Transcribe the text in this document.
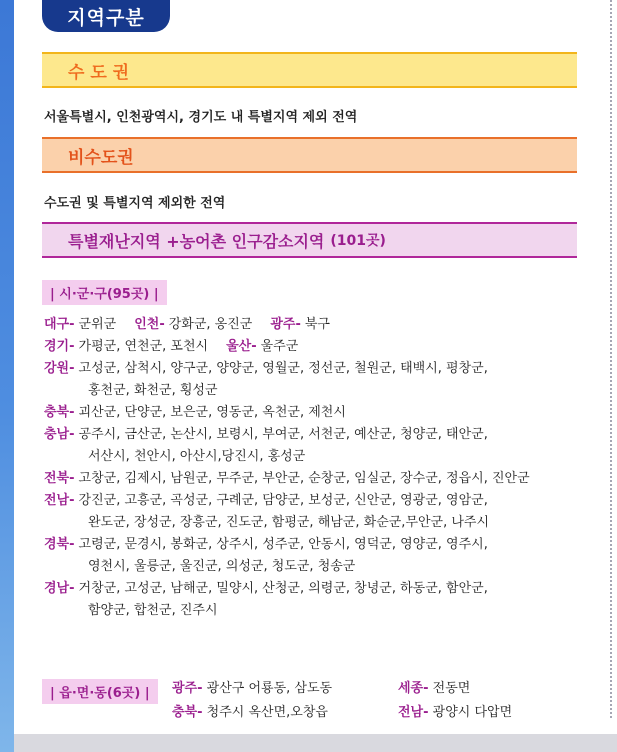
지역구분
수 도 권
서울특별시, 인천광역시, 경기도 내 특별지역 제외 전역
비수도권
수도권 및 특별지역 제외한 전역
특별재난지역 +농어촌 인구감소지역 (101곳)
| 시·군·구(95곳) |
대구- 군위군 인천- 강화군, 옹진군 광주- 북구
경기- 가평군, 연천군, 포천시 울산- 울주군
강원- 고성군, 삼척시, 양구군, 양양군, 영월군, 정선군, 철원군, 태백시, 평창군,
홍천군, 화천군, 횡성군
충북- 괴산군, 단양군, 보은군, 영동군, 옥천군, 제천시
충남- 공주시, 금산군, 논산시, 보령시, 부여군, 서천군, 예산군, 청양군, 태안군,
서산시, 천안시, 아산시,당진시, 홍성군
전북- 고창군, 김제시, 남원군, 무주군, 부안군, 순창군, 임실군, 장수군, 정읍시, 진안군
전남- 강진군, 고흥군, 곡성군, 구례군, 담양군, 보성군, 신안군, 영광군, 영암군,
완도군, 장성군, 장흥군, 진도군, 함평군, 해남군, 화순군,무안군, 나주시
경북- 고령군, 문경시, 봉화군, 상주시, 성주군, 안동시, 영덕군, 영양군, 영주시,
영천시, 울릉군, 울진군, 의성군, 청도군, 청송군
경남- 거창군, 고성군, 남해군, 밀양시, 산청군, 의령군, 창녕군, 하동군, 함안군,
함양군, 합천군, 진주시
| 읍·면·동(6곳) |	광주- 광산구 어룡동, 삼도동	세종- 전동면
충북- 청주시 옥산면,오창읍	전남- 광양시 다압면
